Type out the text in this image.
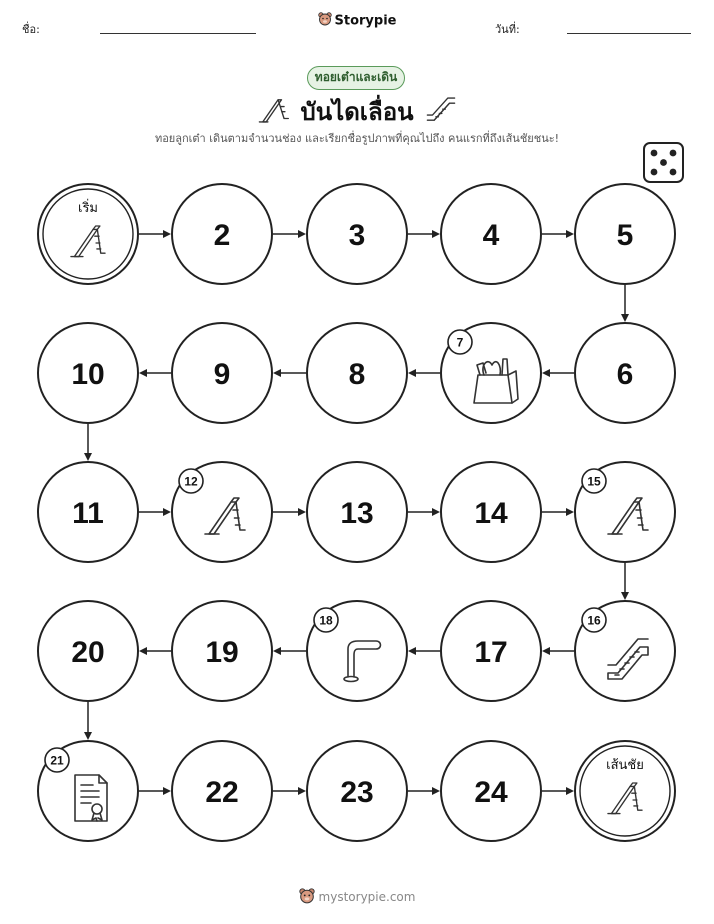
ชื่อ:
Storypie
วันที่:
ทอยเต๋าและเดิน
บันไดเลื่อน
ทอยลูกเต๋า เดินตามจำนวนช่อง และเรียกชื่อรูปภาพที่คุณไปถึง คนแรกที่ถึงเส้นชัยชนะ!
เริ่ม
2	3	4	5
6
7
8
9
10
11
12
13	14
15
16
17
18
19
20
21
22	23	24
เส้นชัย
mystorypie.com
